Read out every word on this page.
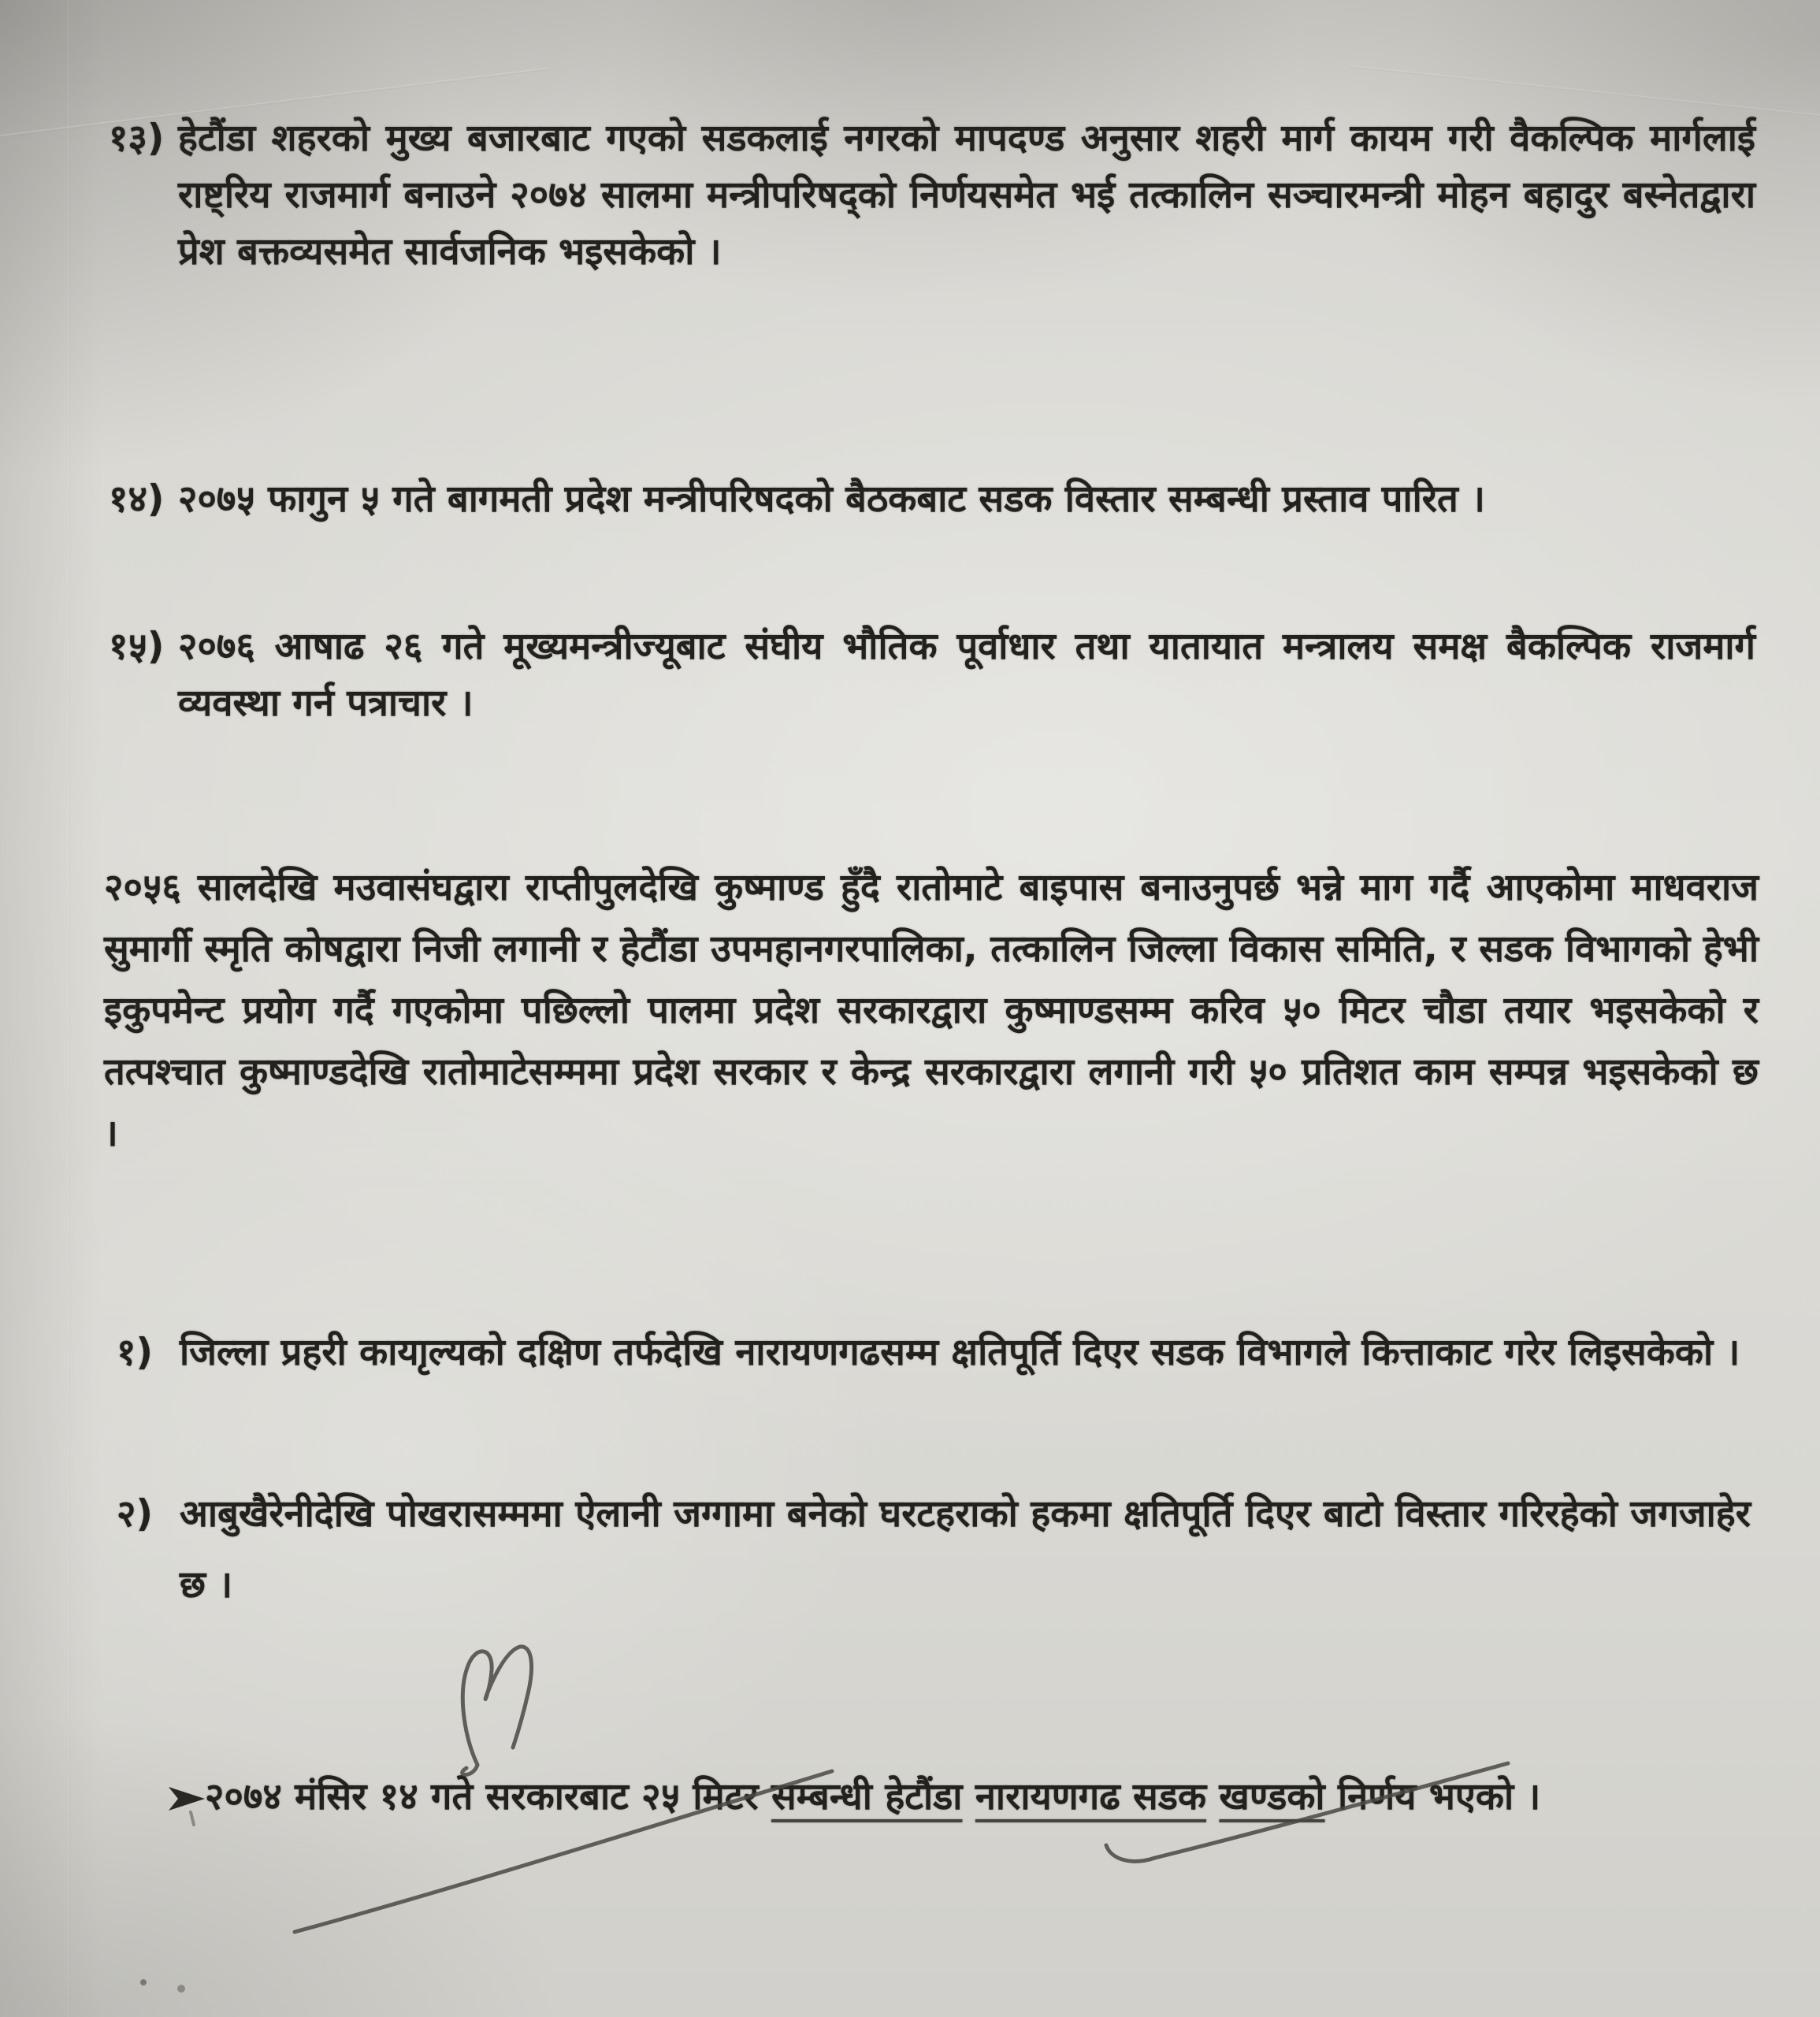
१३) हेटौंडा शहरको मुख्य बजारबाट गएको सडकलाई नगरको मापदण्ड अनुसार शहरी मार्ग कायम गरी वैकल्पिक मार्गलाई राष्ट्रिय राजमार्ग बनाउने २०७४ सालमा मन्त्रीपरिषद्को निर्णयसमेत भई तत्कालिन सञ्चारमन्त्री मोहन बहादुर बस्नेतद्वारा प्रेश बक्तव्यसमेत सार्वजनिक भइसकेको ।

१४) २०७५ फागुन ५ गते बागमती प्रदेश मन्त्रीपरिषदको बैठकबाट सडक विस्तार सम्बन्धी प्रस्ताव पारित ।

१५) २०७६ आषाढ २६ गते मूख्यमन्त्रीज्यूबाट संघीय भौतिक पूर्वाधार तथा यातायात मन्त्रालय समक्ष बैकल्पिक राजमार्ग व्यवस्था गर्न पत्राचार ।

२०५६ सालदेखि मउवासंघद्वारा राप्तीपुलदेखि कुष्माण्ड हुँदै रातोमाटे बाइपास बनाउनुपर्छ भन्ने माग गर्दै आएकोमा माधवराज सुमार्गी स्मृति कोषद्वारा निजी लगानी र हेटौंडा उपमहानगरपालिका, तत्कालिन जिल्ला विकास समिति, र सडक विभागको हेभी इकुपमेन्ट प्रयोग गर्दै गएकोमा पछिल्लो पालमा प्रदेश सरकारद्वारा कुष्माण्डसम्म करिव ५० मिटर चौडा तयार भइसकेको र तत्पश्चात कुष्माण्डदेखि रातोमाटेसम्ममा प्रदेश सरकार र केन्द्र सरकारद्वारा लगानी गरी ५० प्रतिशत काम सम्पन्न भइसकेको छ ।

१) जिल्ला प्रहरी कायाृल्यको दक्षिण तर्फदेखि नारायणगढसम्म क्षतिपूर्ति दिएर सडक विभागले कित्ताकाट गरेर लिइसकेको ।

२) आबुखैरेनीदेखि पोखरासम्ममा ऐलानी जग्गामा बनेको घरटहराको हकमा क्षतिपूर्ति दिएर बाटो विस्तार गरिरहेको जगजाहेर छ ।

२०७४ मंसिर १४ गते सरकारबाट २५ मिटर सम्बन्धी हेटौंडा नारायणगढ सडक खण्डको निर्णय भएको ।
